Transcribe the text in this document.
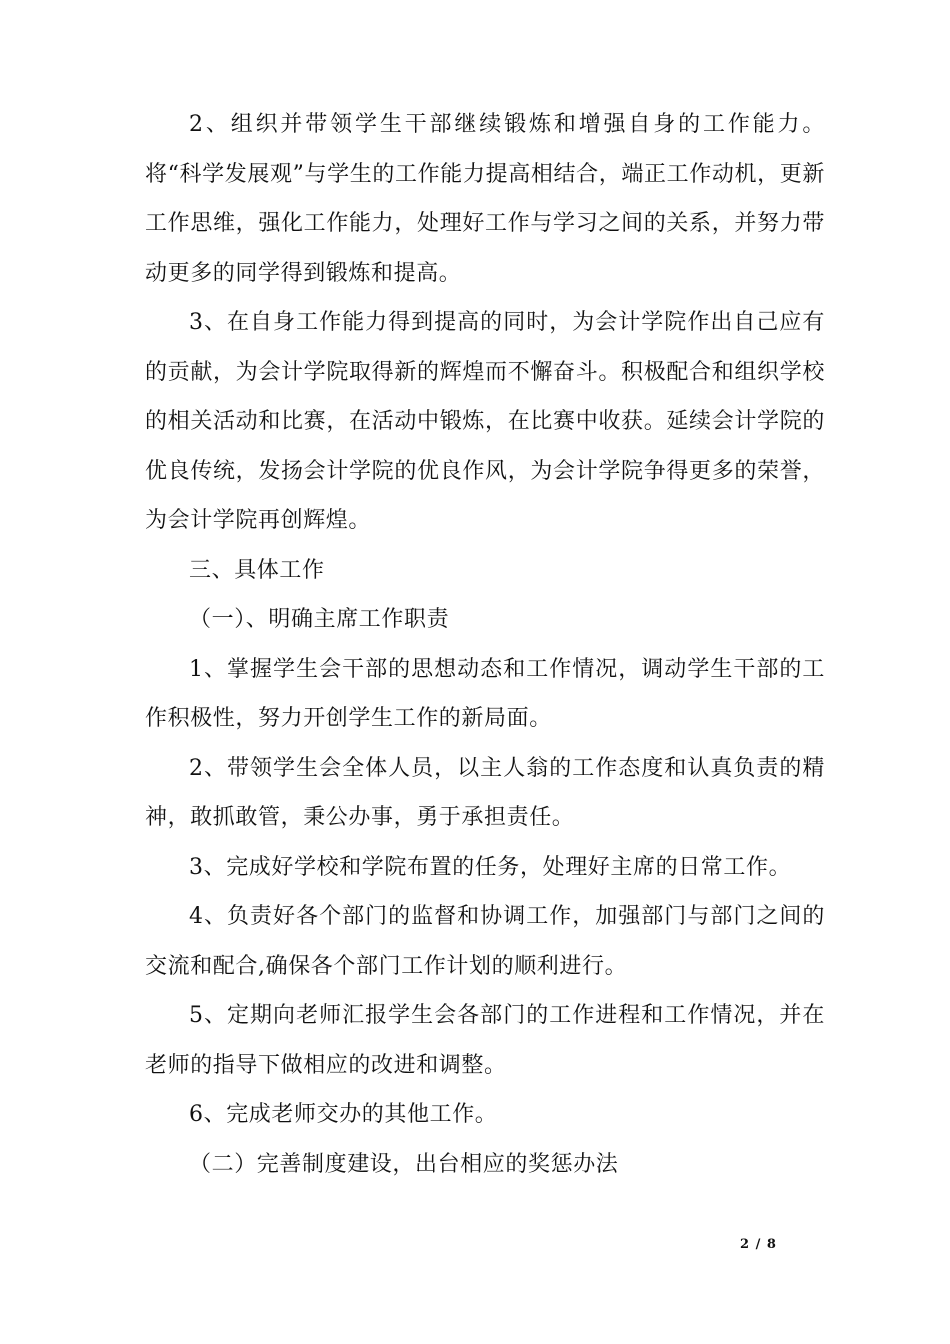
2、组织并带领学生干部继续锻炼和增强自身的工作能力。将“科学发展观”与学生的工作能力提高相结合，端正工作动机，更新工作思维，强化工作能力，处理好工作与学习之间的关系，并努力带动更多的同学得到锻炼和提高。

3、在自身工作能力得到提高的同时，为会计学院作出自己应有的贡献，为会计学院取得新的辉煌而不懈奋斗。积极配合和组织学校的相关活动和比赛，在活动中锻炼，在比赛中收获。延续会计学院的优良传统，发扬会计学院的优良作风，为会计学院争得更多的荣誉，为会计学院再创辉煌。

三、具体工作

（一）、明确主席工作职责

1、掌握学生会干部的思想动态和工作情况，调动学生干部的工作积极性，努力开创学生工作的新局面。

2、带领学生会全体人员，以主人翁的工作态度和认真负责的精神，敢抓敢管，秉公办事，勇于承担责任。

3、完成好学校和学院布置的任务，处理好主席的日常工作。

4、负责好各个部门的监督和协调工作，加强部门与部门之间的交流和配合,确保各个部门工作计划的顺利进行。

5、定期向老师汇报学生会各部门的工作进程和工作情况，并在老师的指导下做相应的改进和调整。

6、完成老师交办的其他工作。

（二）完善制度建设，出台相应的奖惩办法

2 / 8
